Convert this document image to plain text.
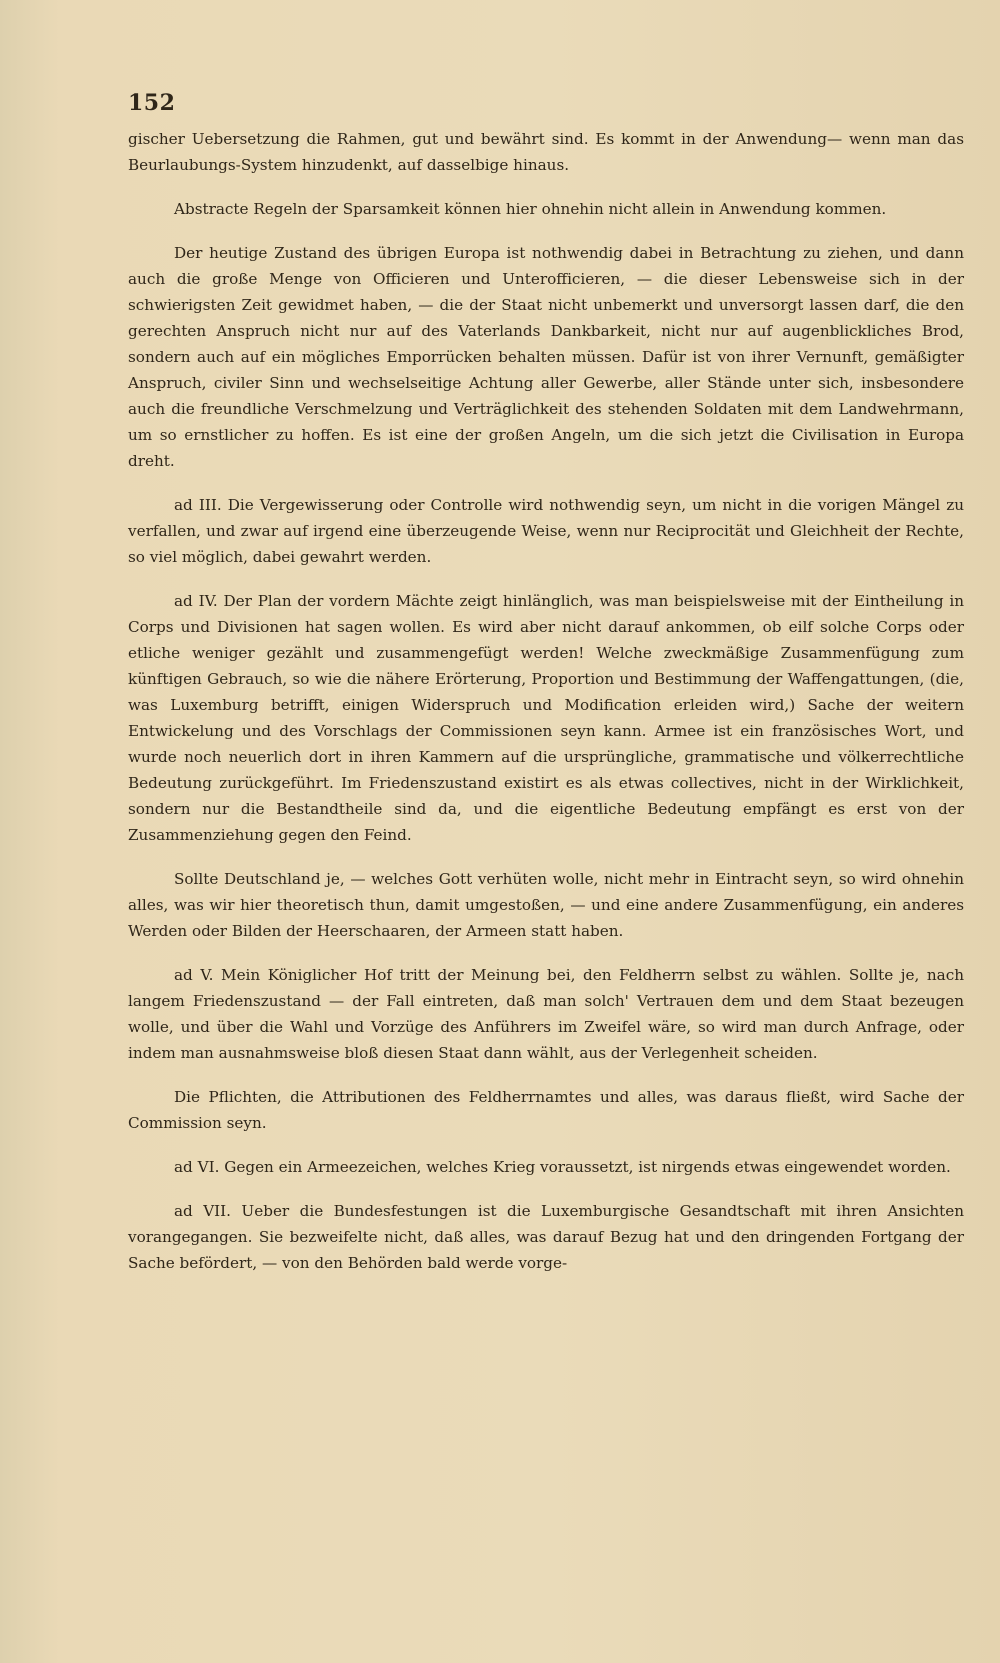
152

gischer Uebersetzung die Rahmen, gut und bewährt sind. Es kommt in der Anwendung— wenn man das Beurlaubungs-System hinzudenkt, auf dasselbige hinaus.

Abstracte Regeln der Sparsamkeit können hier ohnehin nicht allein in Anwendung kommen.

Der heutige Zustand des übrigen Europa ist nothwendig dabei in Betrachtung zu ziehen, und dann auch die große Menge von Officieren und Unterofficieren, — die dieser Lebensweise sich in der schwierigsten Zeit gewidmet haben, — die der Staat nicht unbemerkt und unversorgt lassen darf, die den gerechten Anspruch nicht nur auf des Vaterlands Dankbarkeit, nicht nur auf augenblickliches Brod, sondern auch auf ein mögliches Emporrücken behalten müssen. Dafür ist von ihrer Vernunft, gemäßigter Anspruch, civiler Sinn und wechselseitige Achtung aller Gewerbe, aller Stände unter sich, insbesondere auch die freundliche Verschmelzung und Verträglichkeit des stehenden Soldaten mit dem Landwehrmann, um so ernstlicher zu hoffen. Es ist eine der großen Angeln, um die sich jetzt die Civilisation in Europa dreht.

ad III. Die Vergewisserung oder Controlle wird nothwendig seyn, um nicht in die vorigen Mängel zu verfallen, und zwar auf irgend eine überzeugende Weise, wenn nur Reciprocität und Gleichheit der Rechte, so viel möglich, dabei gewahrt werden.

ad IV. Der Plan der vordern Mächte zeigt hinlänglich, was man beispielsweise mit der Eintheilung in Corps und Divisionen hat sagen wollen. Es wird aber nicht darauf ankommen, ob eilf solche Corps oder etliche weniger gezählt und zusammengefügt werden! Welche zweckmäßige Zusammenfügung zum künftigen Gebrauch, so wie die nähere Erörterung, Proportion und Bestimmung der Waffengattungen, (die, was Luxemburg betrifft, einigen Widerspruch und Modification erleiden wird,) Sache der weitern Entwickelung und des Vorschlags der Commissionen seyn kann. Armee ist ein französisches Wort, und wurde noch neuerlich dort in ihren Kammern auf die ursprüngliche, grammatische und völkerrechtliche Bedeutung zurückgeführt. Im Friedenszustand existirt es als etwas collectives, nicht in der Wirklichkeit, sondern nur die Bestandtheile sind da, und die eigentliche Bedeutung empfängt es erst von der Zusammenziehung gegen den Feind.

Sollte Deutschland je, — welches Gott verhüten wolle, nicht mehr in Eintracht seyn, so wird ohnehin alles, was wir hier theoretisch thun, damit umgestoßen, — und eine andere Zusammenfügung, ein anderes Werden oder Bilden der Heerschaaren, der Armeen statt haben.

ad V. Mein Königlicher Hof tritt der Meinung bei, den Feldherrn selbst zu wählen. Sollte je, nach langem Friedenszustand — der Fall eintreten, daß man solch' Vertrauen dem und dem Staat bezeugen wolle, und über die Wahl und Vorzüge des Anführers im Zweifel wäre, so wird man durch Anfrage, oder indem man ausnahmsweise bloß diesen Staat dann wählt, aus der Verlegenheit scheiden.

Die Pflichten, die Attributionen des Feldherrnamtes und alles, was daraus fließt, wird Sache der Commission seyn.

ad VI. Gegen ein Armeezeichen, welches Krieg voraussetzt, ist nirgends etwas eingewendet worden.

ad VII. Ueber die Bundesfestungen ist die Luxemburgische Gesandtschaft mit ihren Ansichten vorangegangen. Sie bezweifelte nicht, daß alles, was darauf Bezug hat und den dringenden Fortgang der Sache befördert, — von den Behörden bald werde vorge-
